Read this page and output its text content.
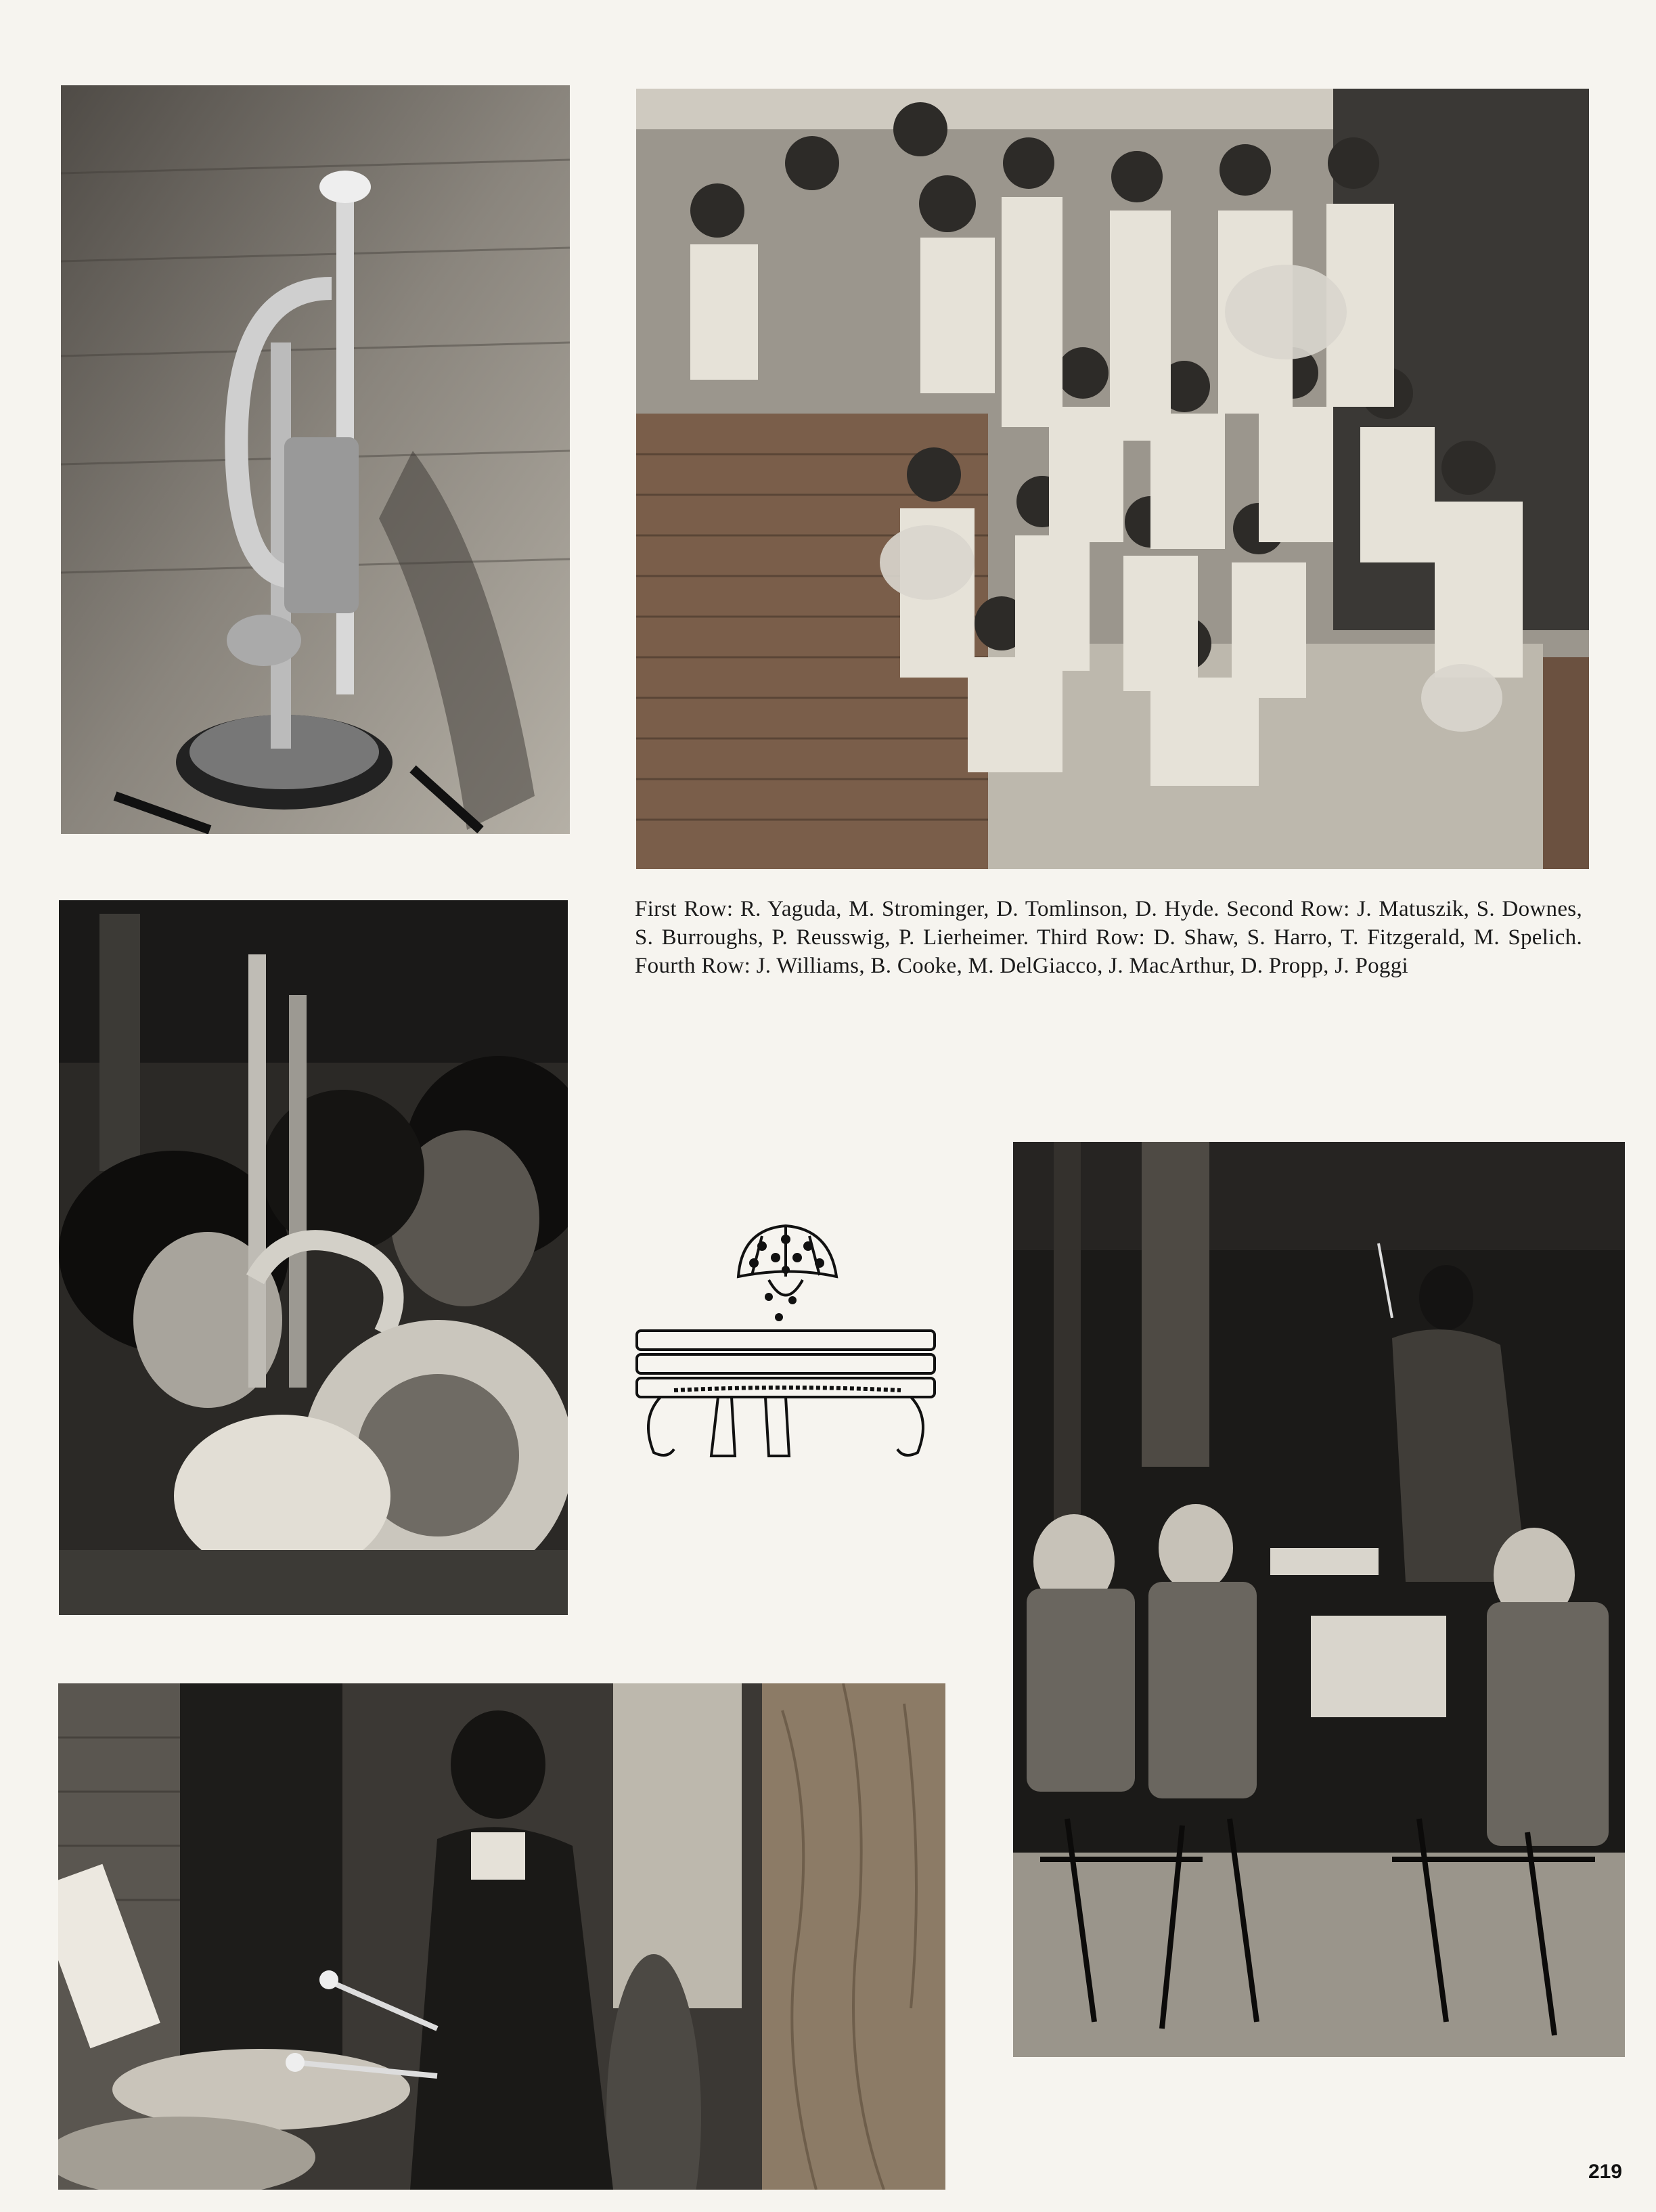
First Row: R. Yaguda, M. Strominger, D. Tomlinson, D. Hyde. Second Row: J. Matuszik, S. Downes, S. Burroughs, P. Reusswig, P. Lierheimer. Third Row: D. Shaw, S. Harro, T. Fitzgerald, M. Spelich. Fourth Row: J. Williams, B. Cooke, M. DelGiacco, J. MacArthur, D. Propp, J. Poggi
219
